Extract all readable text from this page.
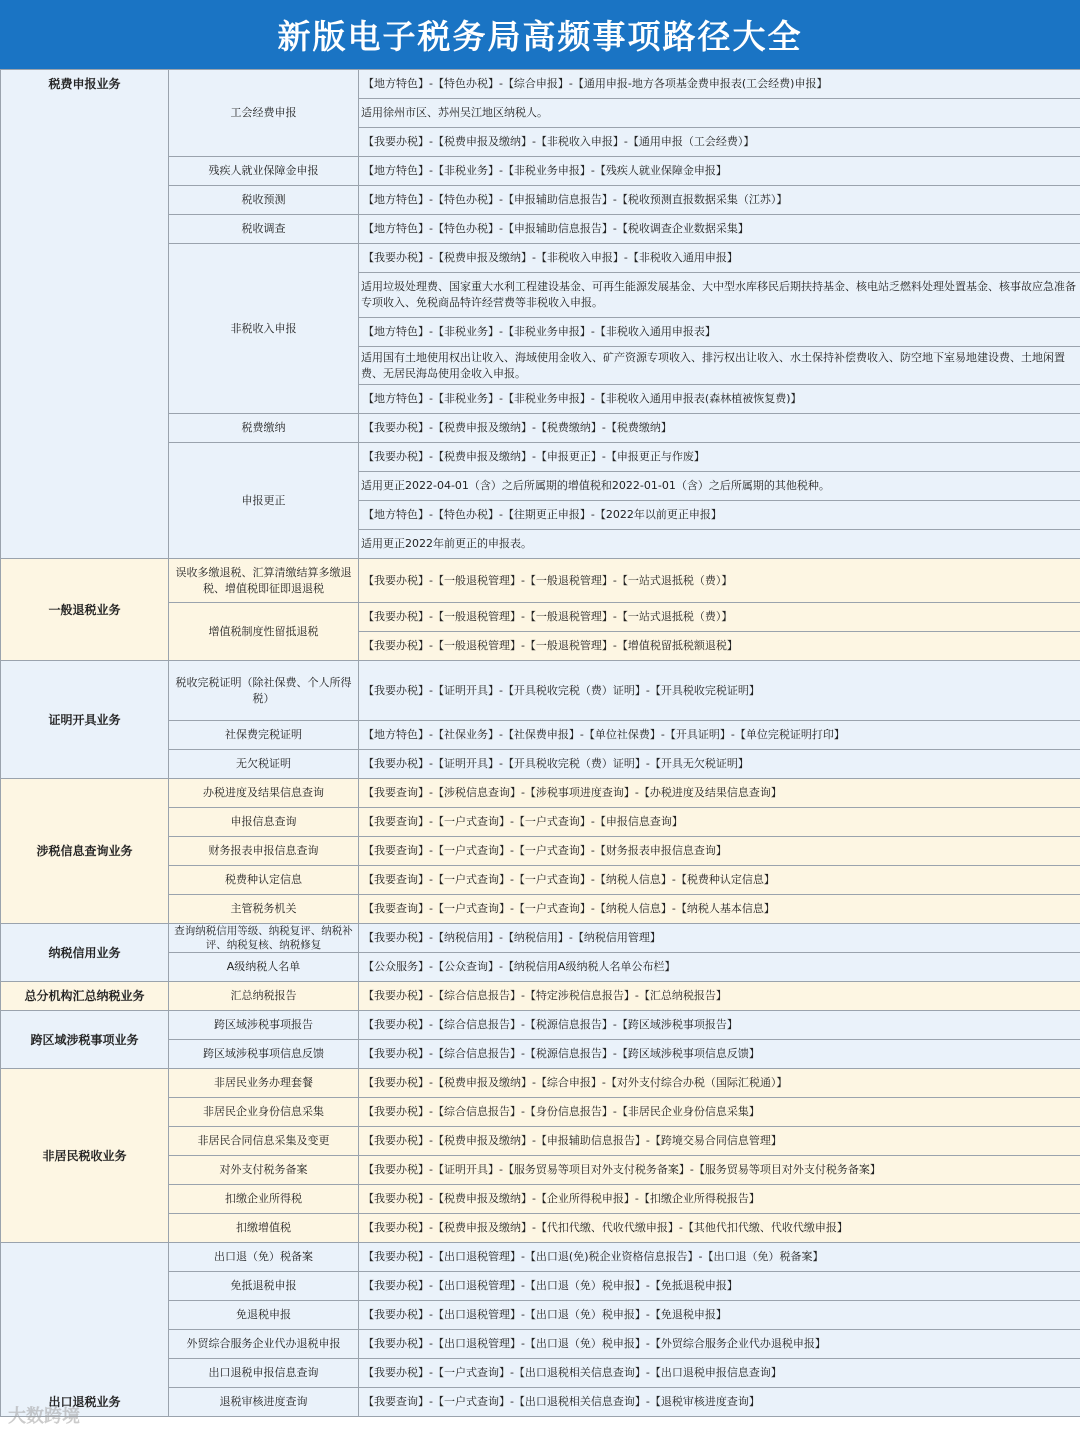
新版电子税务局高频事项路径大全
税费申报业务	工会经费申报	【地方特色】-【特色办税】-【综合申报】-【通用申报-地方各项基金费申报表(工会经费)申报】
		适用徐州市区、苏州吴江地区纳税人。
		【我要办税】-【税费申报及缴纳】-【非税收入申报】-【通用申报（工会经费）】
	残疾人就业保障金申报	【地方特色】-【非税业务】-【非税业务申报】-【残疾人就业保障金申报】
	税收预测	【地方特色】-【特色办税】-【申报辅助信息报告】-【税收预测直报数据采集（江苏）】
	税收调查	【地方特色】-【特色办税】-【申报辅助信息报告】-【税收调查企业数据采集】
	非税收入申报	【我要办税】-【税费申报及缴纳】-【非税收入申报】-【非税收入通用申报】
		适用垃圾处理费、国家重大水利工程建设基金、可再生能源发展基金、大中型水库移民后期扶持基金、核电站乏燃料处理处置基金、核事故应急准备专项收入、免税商品特许经营费等非税收入申报。
		【地方特色】-【非税业务】-【非税业务申报】-【非税收入通用申报表】
		适用国有土地使用权出让收入、海域使用金收入、矿产资源专项收入、排污权出让收入、水土保持补偿费收入、防空地下室易地建设费、土地闲置费、无居民海岛使用金收入申报。
		【地方特色】-【非税业务】-【非税业务申报】-【非税收入通用申报表(森林植被恢复费)】
	税费缴纳	【我要办税】-【税费申报及缴纳】-【税费缴纳】-【税费缴纳】
	申报更正	【我要办税】-【税费申报及缴纳】-【申报更正】-【申报更正与作废】
		适用更正2022-04-01（含）之后所属期的增值税和2022-01-01（含）之后所属期的其他税种。
		【地方特色】-【特色办税】-【往期更正申报】-【2022年以前更正申报】
		适用更正2022年前更正的申报表。
一般退税业务	误收多缴退税、汇算清缴结算多缴退税、增值税即征即退退税	【我要办税】-【一般退税管理】-【一般退税管理】-【一站式退抵税（费）】
	增值税制度性留抵退税	【我要办税】-【一般退税管理】-【一般退税管理】-【一站式退抵税（费）】
		【我要办税】-【一般退税管理】-【一般退税管理】-【增值税留抵税额退税】
证明开具业务	税收完税证明（除社保费、个人所得税）	【我要办税】-【证明开具】-【开具税收完税（费）证明】-【开具税收完税证明】
	社保费完税证明	【地方特色】-【社保业务】-【社保费申报】-【单位社保费】-【开具证明】-【单位完税证明打印】
	无欠税证明	【我要办税】-【证明开具】-【开具税收完税（费）证明】-【开具无欠税证明】
涉税信息查询业务	办税进度及结果信息查询	【我要查询】-【涉税信息查询】-【涉税事项进度查询】-【办税进度及结果信息查询】
	申报信息查询	【我要查询】-【一户式查询】-【一户式查询】-【申报信息查询】
	财务报表申报信息查询	【我要查询】-【一户式查询】-【一户式查询】-【财务报表申报信息查询】
	税费种认定信息	【我要查询】-【一户式查询】-【一户式查询】-【纳税人信息】-【税费种认定信息】
	主管税务机关	【我要查询】-【一户式查询】-【一户式查询】-【纳税人信息】-【纳税人基本信息】
纳税信用业务	查询纳税信用等级、纳税复评、纳税补评、纳税复核、纳税修复	【我要办税】-【纳税信用】-【纳税信用】-【纳税信用管理】
	A级纳税人名单	【公众服务】-【公众查询】-【纳税信用A级纳税人名单公布栏】
总分机构汇总纳税业务	汇总纳税报告	【我要办税】-【综合信息报告】-【特定涉税信息报告】-【汇总纳税报告】
跨区域涉税事项业务	跨区域涉税事项报告	【我要办税】-【综合信息报告】-【税源信息报告】-【跨区域涉税事项报告】
	跨区域涉税事项信息反馈	【我要办税】-【综合信息报告】-【税源信息报告】-【跨区域涉税事项信息反馈】
非居民税收业务	非居民业务办理套餐	【我要办税】-【税费申报及缴纳】-【综合申报】-【对外支付综合办税（国际汇税通）】
	非居民企业身份信息采集	【我要办税】-【综合信息报告】-【身份信息报告】-【非居民企业身份信息采集】
	非居民合同信息采集及变更	【我要办税】-【税费申报及缴纳】-【申报辅助信息报告】-【跨境交易合同信息管理】
	对外支付税务备案	【我要办税】-【证明开具】-【服务贸易等项目对外支付税务备案】-【服务贸易等项目对外支付税务备案】
	扣缴企业所得税	【我要办税】-【税费申报及缴纳】-【企业所得税申报】-【扣缴企业所得税报告】
	扣缴增值税	【我要办税】-【税费申报及缴纳】-【代扣代缴、代收代缴申报】-【其他代扣代缴、代收代缴申报】
出口退税业务	出口退（免）税备案	【我要办税】-【出口退税管理】-【出口退(免)税企业资格信息报告】-【出口退（免）税备案】
	免抵退税申报	【我要办税】-【出口退税管理】-【出口退（免）税申报】-【免抵退税申报】
	免退税申报	【我要办税】-【出口退税管理】-【出口退（免）税申报】-【免退税申报】
	外贸综合服务企业代办退税申报	【我要办税】-【出口退税管理】-【出口退（免）税申报】-【外贸综合服务企业代办退税申报】
	出口退税申报信息查询	【我要办税】-【一户式查询】-【出口退税相关信息查询】-【出口退税申报信息查询】
	退税审核进度查询	【我要查询】-【一户式查询】-【出口退税相关信息查询】-【退税审核进度查询】
大数跨境
